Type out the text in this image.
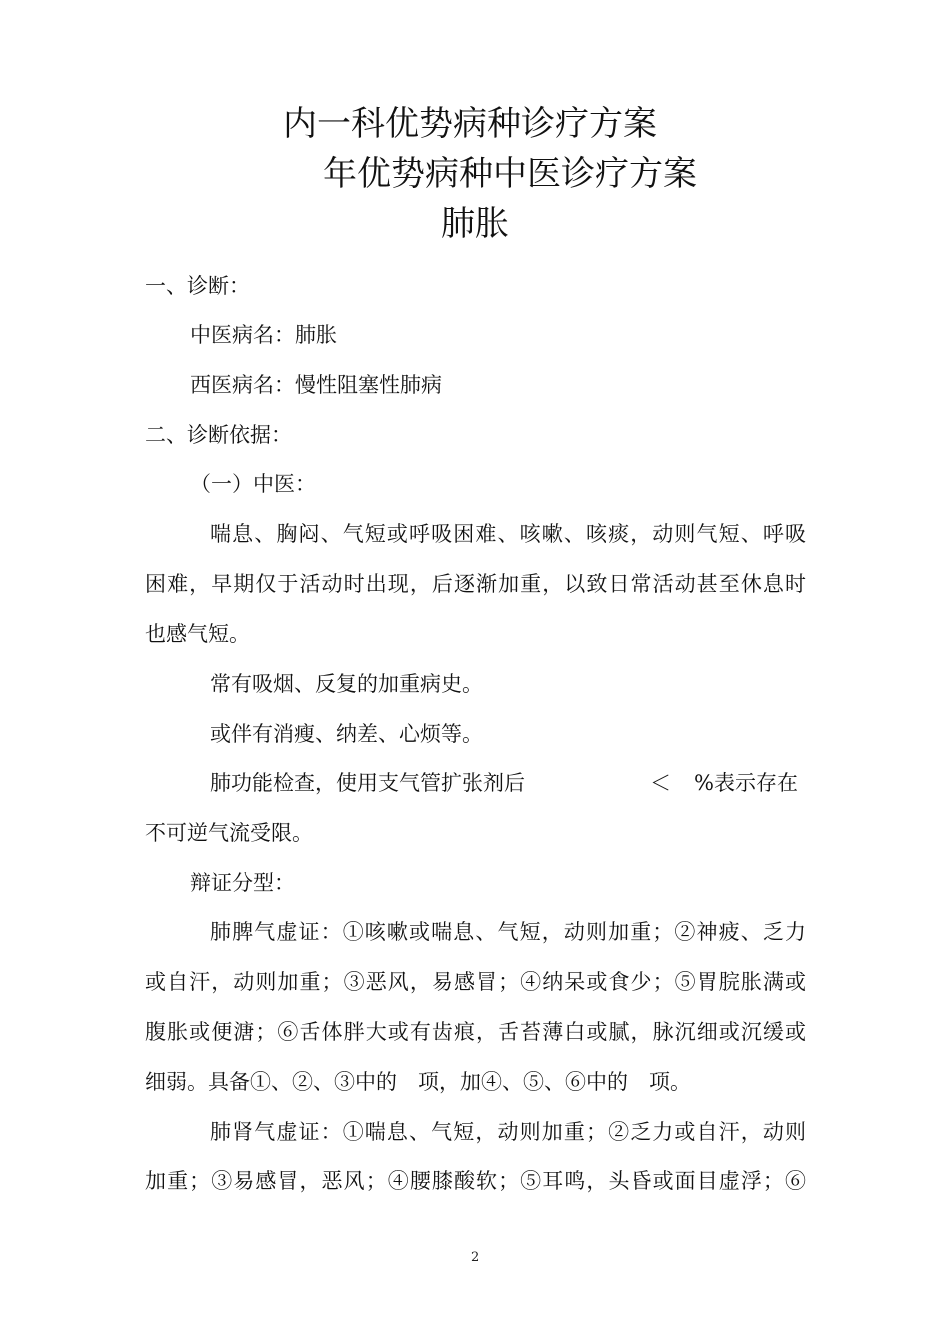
内一科优势病种诊疗方案
年优势病种中医诊疗方案
肺胀
一、诊断：
中医病名：肺胀
西医病名：慢性阻塞性肺病
二、诊断依据：
（一）中医：
喘息、胸闷、气短或呼吸困难、咳嗽、咳痰，动则气短、呼吸
困难，早期仅于活动时出现，后逐渐加重，以致日常活动甚至休息时
也感气短。
常有吸烟、反复的加重病史。
或伴有消瘦、纳差、心烦等。
肺功能检查，使用支气管扩张剂后	＜ %表示存在
不可逆气流受限。
辩证分型：
肺脾气虚证：①咳嗽或喘息、气短，动则加重；②神疲、乏力
或自汗，动则加重；③恶风，易感冒；④纳呆或食少；⑤胃脘胀满或
腹胀或便溏；⑥舌体胖大或有齿痕，舌苔薄白或腻，脉沉细或沉缓或
细弱。具备①、②、③中的　项，加④、⑤、⑥中的　项。
肺肾气虚证：①喘息、气短，动则加重；②乏力或自汗，动则
加重；③易感冒，恶风；④腰膝酸软；⑤耳鸣，头昏或面目虚浮；⑥
2
